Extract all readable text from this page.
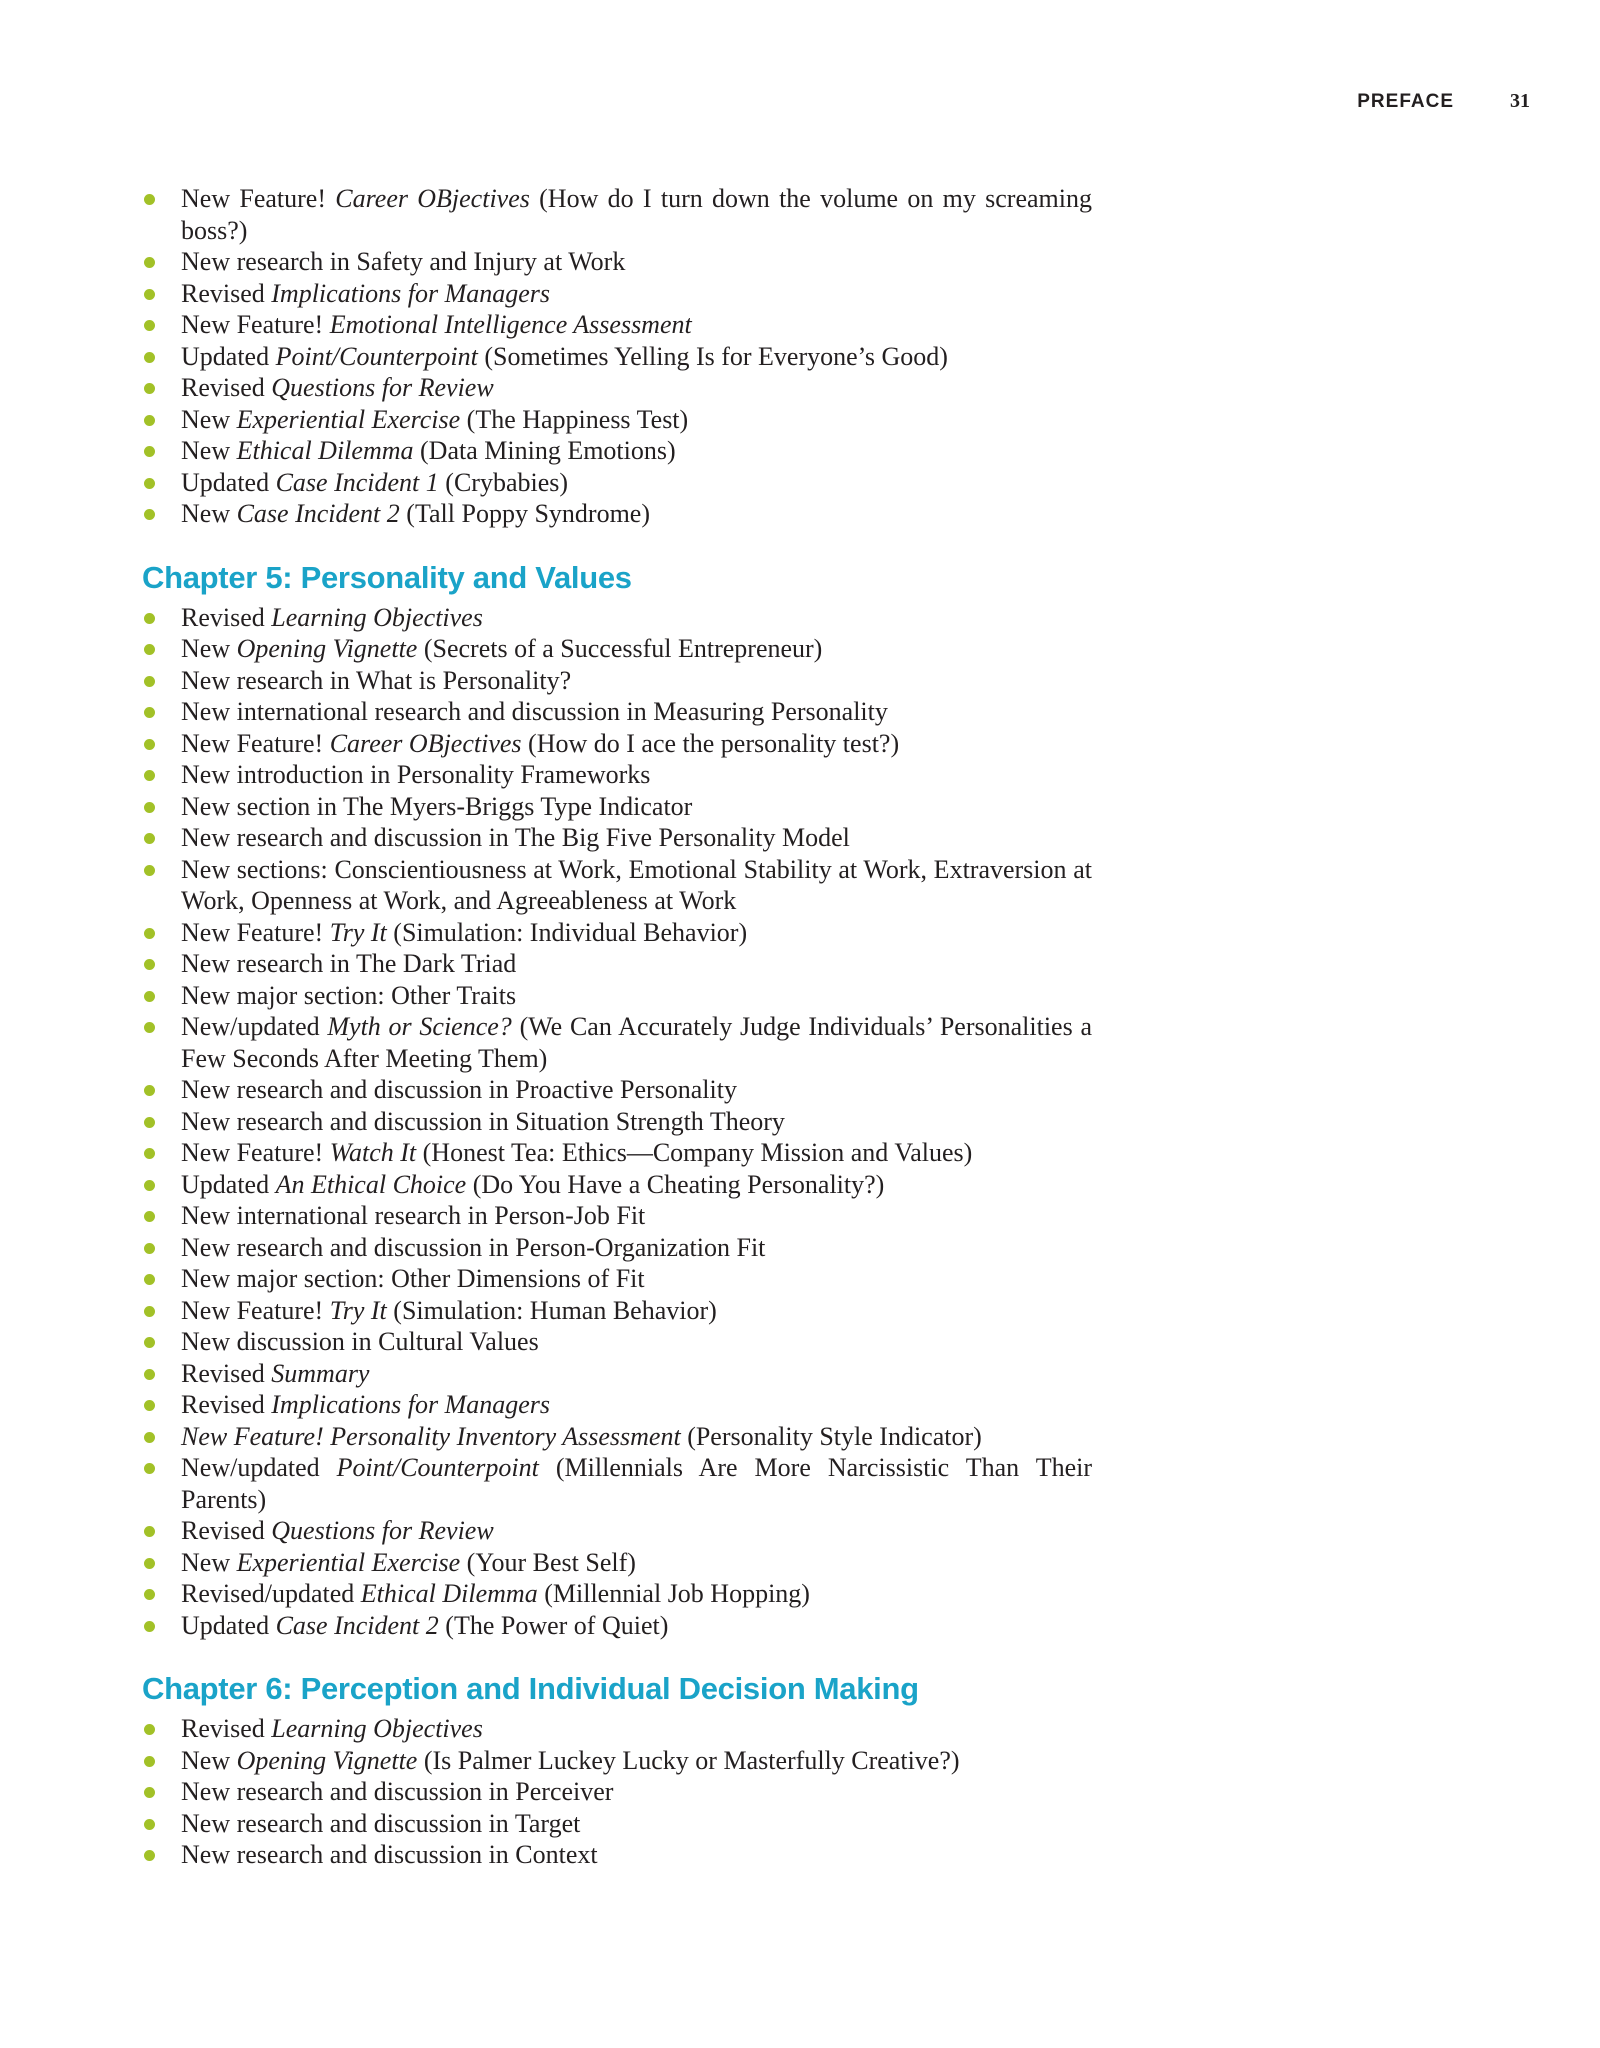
PREFACE	31
New Feature! Career OBjectives (How do I turn down the volume on my screaming boss?)
New research in Safety and Injury at Work
Revised Implications for Managers
New Feature! Emotional Intelligence Assessment
Updated Point/Counterpoint (Sometimes Yelling Is for Everyone’s Good)
Revised Questions for Review
New Experiential Exercise (The Happiness Test)
New Ethical Dilemma (Data Mining Emotions)
Updated Case Incident 1 (Crybabies)
New Case Incident 2 (Tall Poppy Syndrome)
Chapter 5: Personality and Values
Revised Learning Objectives
New Opening Vignette (Secrets of a Successful Entrepreneur)
New research in What is Personality?
New international research and discussion in Measuring Personality
New Feature! Career OBjectives (How do I ace the personality test?)
New introduction in Personality Frameworks
New section in The Myers-Briggs Type Indicator
New research and discussion in The Big Five Personality Model
New sections: Conscientiousness at Work, Emotional Stability at Work, Extraversion at Work, Openness at Work, and Agreeableness at Work
New Feature! Try It (Simulation: Individual Behavior)
New research in The Dark Triad
New major section: Other Traits
New/updated Myth or Science? (We Can Accurately Judge Individuals’ Personalities a Few Seconds After Meeting Them)
New research and discussion in Proactive Personality
New research and discussion in Situation Strength Theory
New Feature! Watch It (Honest Tea: Ethics—Company Mission and Values)
Updated An Ethical Choice (Do You Have a Cheating Personality?)
New international research in Person-Job Fit
New research and discussion in Person-Organization Fit
New major section: Other Dimensions of Fit
New Feature! Try It (Simulation: Human Behavior)
New discussion in Cultural Values
Revised Summary
Revised Implications for Managers
New Feature! Personality Inventory Assessment (Personality Style Indicator)
New/updated Point/Counterpoint (Millennials Are More Narcissistic Than Their Parents)
Revised Questions for Review
New Experiential Exercise (Your Best Self)
Revised/updated Ethical Dilemma (Millennial Job Hopping)
Updated Case Incident 2 (The Power of Quiet)
Chapter 6: Perception and Individual Decision Making
Revised Learning Objectives
New Opening Vignette (Is Palmer Luckey Lucky or Masterfully Creative?)
New research and discussion in Perceiver
New research and discussion in Target
New research and discussion in Context
